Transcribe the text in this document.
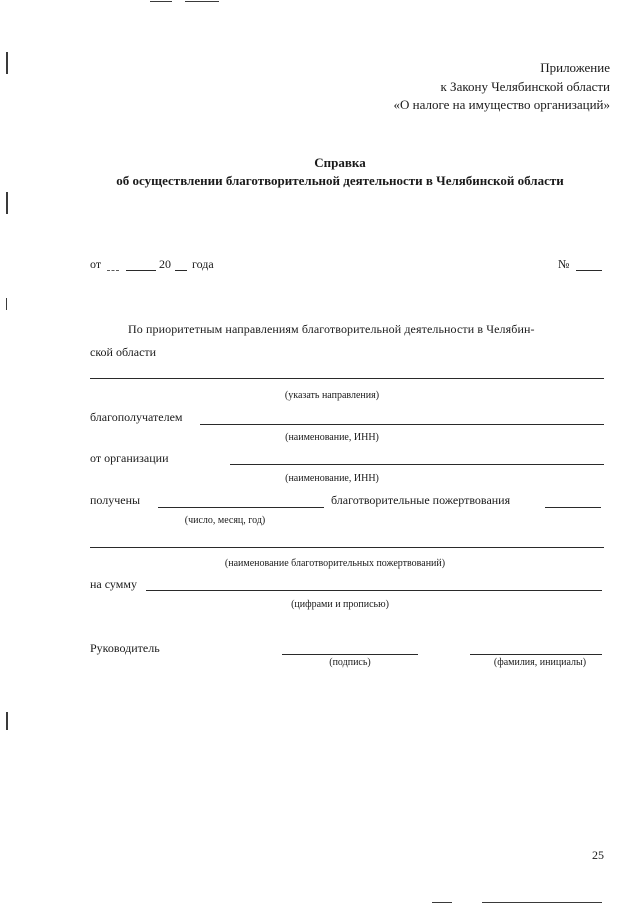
Приложение
к Закону Челябинской области
«О налоге на имущество организаций»
Справка
об осуществлении благотворительной деятельности в Челябинской области
от	20 года	№
По приоритетным направлениям благотворительной деятельности в Челябин-
ской области
(указать направления)
благополучателем
(наименование, ИНН)
от организации
(наименование, ИНН)
получены	благотворительные пожертвования
(число, месяц, год)
(наименование благотворительных пожертвований)
на сумму
(цифрами и прописью)
Руководитель
(подпись)	(фамилия, инициалы)
25
